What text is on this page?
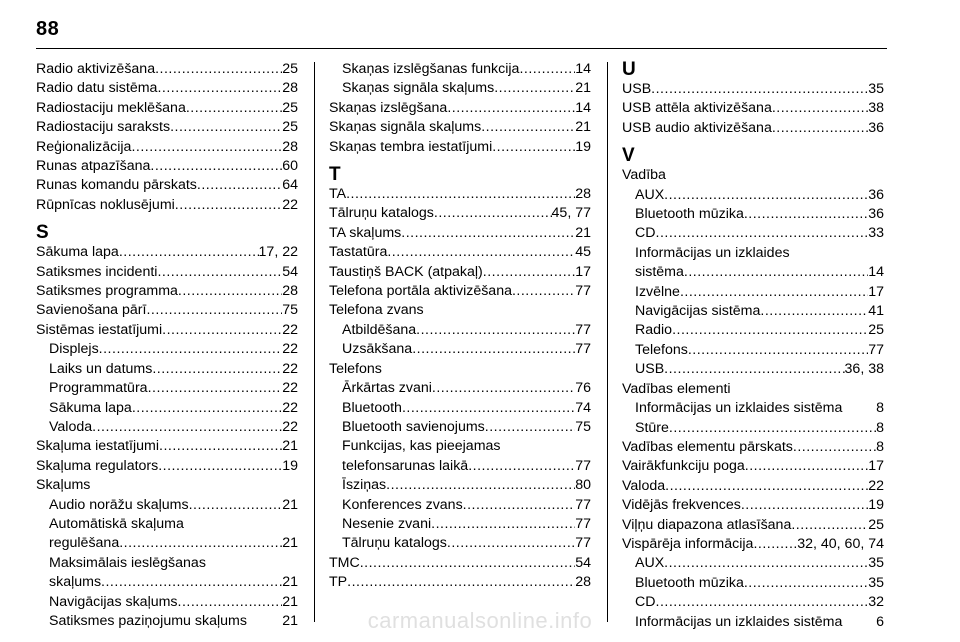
88
Radio aktivizēšana .....	25
Radio datu sistēma .....	28
Radiostaciju meklēšana .....	25
Radiostaciju saraksts .....	25
Reģionalizācija .....	28
Runas atpazīšana .....	60
Runas komandu pārskats .....	64
Rūpnīcas noklusējumi .....	22
S
Sākuma lapa .....	17, 22
Satiksmes incidenti .....	54
Satiksmes programma .....	28
Savienošana pārī .....	75
Sistēmas iestatījumi .....	22
Displejs .....	22
Laiks un datums .....	22
Programmatūra .....	22
Sākuma lapa .....	22
Valoda .....	22
Skaļuma iestatījumi .....	21
Skaļuma regulators .....	19
Skaļums
Audio norāžu skaļums .....	21
Automātiskā skaļuma
regulēšana .....	21
Maksimālais ieslēgšanas
skaļums .....	21
Navigācijas skaļums .....	21
Satiksmes paziņojumu skaļums 21
Skaņas izslēgšanas funkcija .....	14
Skaņas signāla skaļums .....	21
Skaņas izslēgšana .....	14
Skaņas signāla skaļums .....	21
Skaņas tembra iestatījumi .....	19
T
TA .....	28
Tālruņu katalogs .....	45, 77
TA skaļums .....	21
Tastatūra .....	45
Taustiņš BACK (atpakaļ) .....	17
Telefona portāla aktivizēšana .....	77
Telefona zvans
Atbildēšana .....	77
Uzsākšana .....	77
Telefons
Ārkārtas zvani .....	76
Bluetooth .....	74
Bluetooth savienojums .....	75
Funkcijas, kas pieejamas
telefonsarunas laikā .....	77
Īsziņas .....	80
Konferences zvans .....	77
Nesenie zvani .....	77
Tālruņu katalogs .....	77
TMC .....	54
TP .....	28
U
USB .....	35
USB attēla aktivizēšana .....	38
USB audio aktivizēšana .....	36
V
Vadība
AUX .....	36
Bluetooth mūzika .....	36
CD .....	33
Informācijas un izklaides
sistēma .....	14
Izvēlne .....	17
Navigācijas sistēma .....	41
Radio .....	25
Telefons .....	77
USB .....	36, 38
Vadības elementi
Informācijas un izklaides sistēma 8
Stūre .....	8
Vadības elementu pārskats .....	8
Vairākfunkciju poga .....	17
Valoda .....	22
Vidējās frekvences .....	19
Viļņu diapazona atlasīšana .....	25
Vispārēja informācija .....	32, 40, 60, 74
AUX .....	35
Bluetooth mūzika .....	35
CD .....	32
Informācijas un izklaides sistēma 6
carmanualsonline.info
